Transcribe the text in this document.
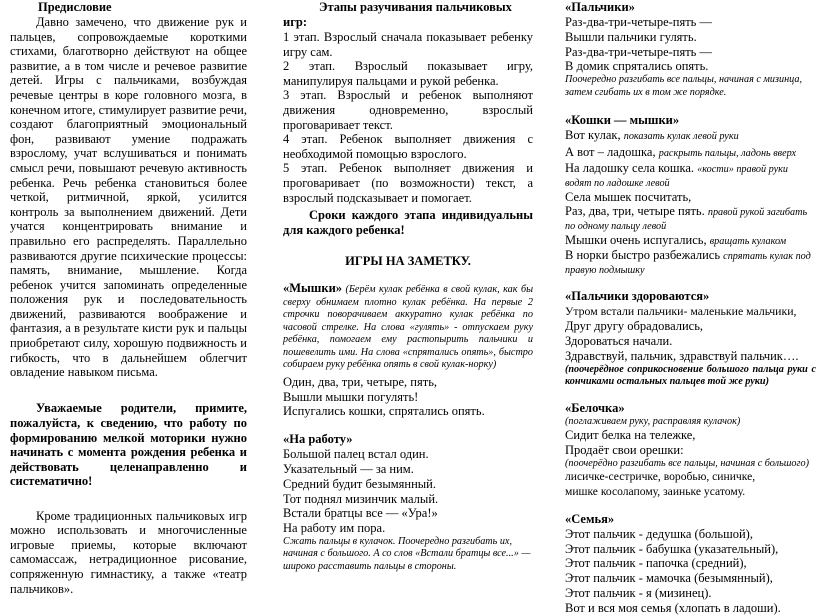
Предисловие

Давно замечено, что движение рук и пальцев, сопровождаемые короткими стихами, благотворно действуют на общее развитие, а в том числе и речевое развитие детей. Игры с пальчиками, возбуждая речевые центры в коре головного мозга, в конечном итоге, стимулирует развитие речи, создают благоприятный эмоциональный фон, развивают умение подражать взрослому, учат вслушиваться и понимать смысл речи, повышают речевую активность ребенка. Речь ребенка становиться более четкой, ритмичной, яркой, усилится контроль за выполнением движений. Дети учатся концентрировать внимание и правильно его распределять. Параллельно развиваются другие психические процессы: память, внимание, мышление. Когда ребенок учится запоминать определенные положения рук и последовательность движений, развиваются воображение и фантазия, а в результате кисти рук и пальцы приобретают силу, хорошую подвижность и гибкость, что в дальнейшем облегчит овладение навыком письма.

Уважаемые родители, примите, пожалуйста, к сведению, что работу по формированию мелкой моторики нужно начинать с момента рождения ребенка и действовать целенаправленно и систематично!

Кроме традиционных пальчиковых игр можно использовать и многочисленные игровые приемы, которые включают самомассаж, нетрадиционное рисование, сопряженную гимнастику, а также «театр пальчиков».

Этапы разучивания пальчиковых игр:

1 этап. Взрослый сначала показывает ребенку игру сам.

2 этап. Взрослый показывает игру, манипулируя пальцами и рукой ребенка.

3 этап. Взрослый и ребенок выполняют движения одновременно, взрослый проговаривает текст.

4 этап. Ребенок выполняет движения с необходимой помощью взрослого.

5 этап. Ребенок выполняет движения и проговаривает (по возможности) текст, а взрослый подсказывает и помогает.

Сроки каждого этапа индивидуальны для каждого ребенка!

ИГРЫ НА ЗАМЕТКУ.
«Мышки» (Берём кулак ребёнка в свой кулак, как бы сверху обнимаем плотно кулак ребёнка. На первые 2 строчки поворачиваем аккуратно кулак ребёнка по часовой стрелке. На слова «гулять» - отпускаем руку ребёнка, помогаем ему растопырить пальчики и пошевелить ими. На слова «спрятались опять», быстро собираем руку ребёнка опять в свой кулак-норку)
Один, два, три, четыре, пять,
Вышли мышки погулять!
Испугались кошки, спрятались опять.
«На работу»
Большой палец встал один.
Указательный — за ним.
Средний будит безымянный.
Тот поднял мизинчик малый.
Встали братцы все — «Ура!»
На работу им пора.
Сжать пальцы в кулачок. Поочередно разгибать их, начиная с большого. А со слов «Встали братцы все...» — широко расставить пальцы в стороны.
«Пальчики»
Раз-два-три-четыре-пять —
Вышли пальчики гулять.
Раз-два-три-четыре-пять —
В домик спрятались опять.
Поочередно разгибать все пальцы, начиная с мизинца, затем сгибать их в том же порядке.
«Кошки — мышки»
Вот кулак, показать кулак левой руки
А вот – ладошка, раскрыть пальцы, ладонь вверх
На ладошку села кошка. «кости» правой руки водят по ладошке левой
Села мышек посчитать,
Раз, два, три, четыре пять. правой рукой загибать по одному пальцу левой
Мышки очень испугались, вращать кулаком
В норки быстро разбежались спрятать кулак под правую подмышку
«Пальчики здороваются»
Утром встали пальчики- маленькие мальчики,
Друг другу обрадовались,
Здороваться начали.
Здравствуй, пальчик, здравствуй пальчик….
(поочерёдное соприкосновение большого пальца руки с кончиками остальных пальцев той же руки)
«Белочка»
(поглаживаем руку, расправляя кулачок)
Сидит белка на тележке,
Продаёт свои орешки:
(поочерёдно разгибать все пальцы, начиная с большого)
лисичке-сестричке, воробью, синичке,
мишке косолапому, заиньке усатому.
«Семья»
Этот пальчик - дедушка (большой),
Этот пальчик - бабушка (указательный),
Этот пальчик - папочка (средний),
Этот пальчик - мамочка (безымянный),
Этот пальчик - я (мизинец).
Вот и вся моя семья (хлопать в ладоши).
